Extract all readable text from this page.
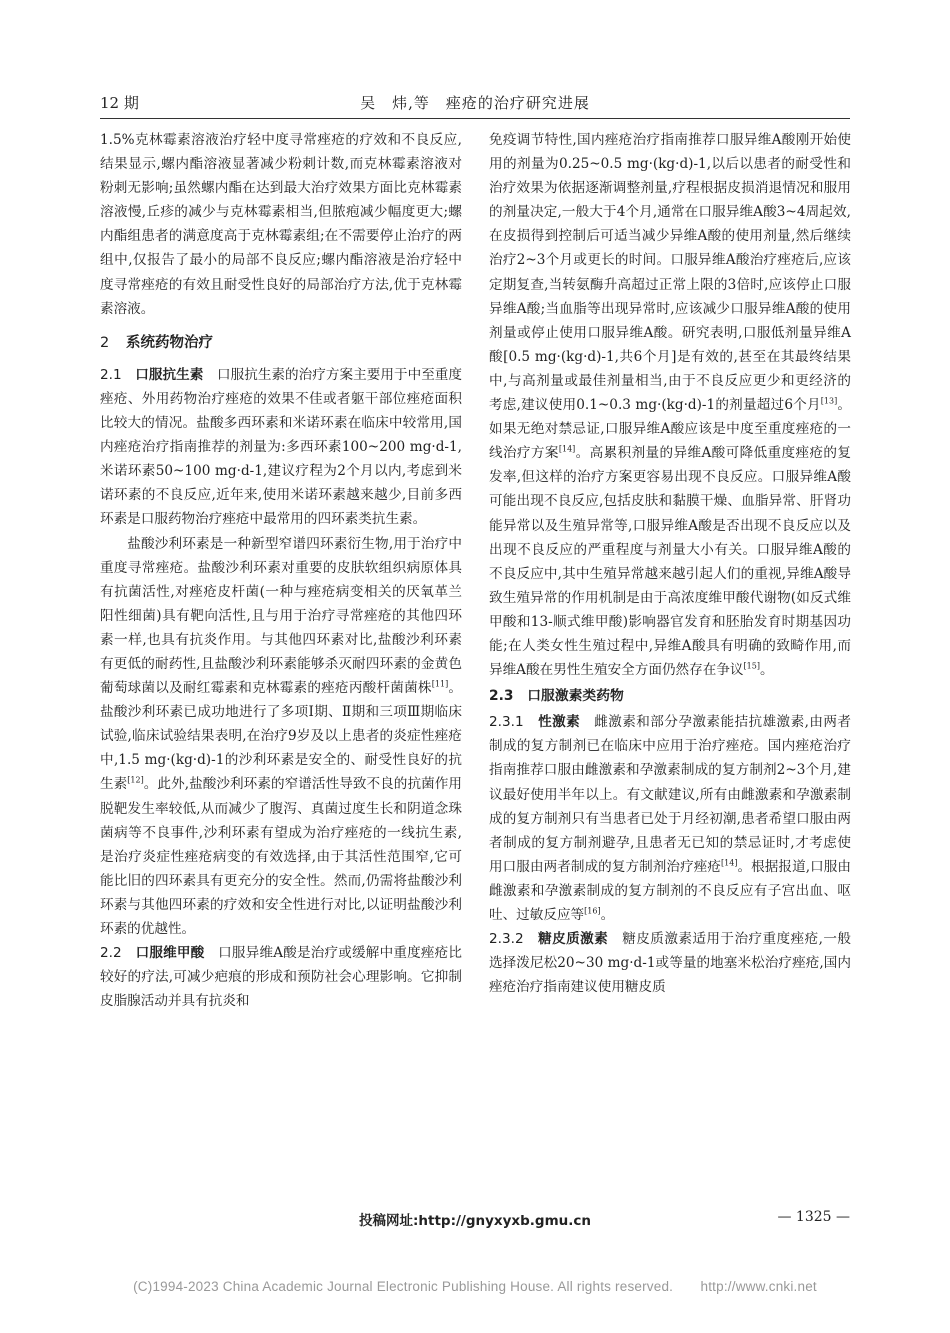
12 期	吴　炜,等　痤疮的治疗研究进展

1.5%克林霉素溶液治疗轻中度寻常痤疮的疗效和不良反应,结果显示,螺内酯溶液显著减少粉刺计数,而克林霉素溶液对粉刺无影响;虽然螺内酯在达到最大治疗效果方面比克林霉素溶液慢,丘疹的减少与克林霉素相当,但脓疱减少幅度更大;螺内酯组患者的满意度高于克林霉素组;在不需要停止治疗的两组中,仅报告了最小的局部不良反应;螺内酯溶液是治疗轻中度寻常痤疮的有效且耐受性良好的局部治疗方法,优于克林霉素溶液。

2 系统药物治疗

2.1　 口服抗生素　 口服抗生素的治疗方案主要用于中至重度痤疮、外用药物治疗痤疮的效果不佳或者躯干部位痤疮面积比较大的情况。盐酸多西环素和米诺环素在临床中较常用,国内痤疮治疗指南推荐的剂量为:多西环素100~200 mg·d-1,米诺环素50~100 mg·d-1,建议疗程为2个月以内,考虑到米诺环素的不良反应,近年来,使用米诺环素越来越少,目前多西环素是口服药物治疗痤疮中最常用的四环素类抗生素。

盐酸沙利环素是一种新型窄谱四环素衍生物,用于治疗中重度寻常痤疮。盐酸沙利环素对重要的皮肤软组织病原体具有抗菌活性,对痤疮皮杆菌(一种与痤疮病变相关的厌氧革兰阳性细菌)具有靶向活性,且与用于治疗寻常痤疮的其他四环素一样,也具有抗炎作用。与其他四环素对比,盐酸沙利环素有更低的耐药性,且盐酸沙利环素能够杀灭耐四环素的金黄色葡萄球菌以及耐红霉素和克林霉素的痤疮丙酸杆菌菌株[11]。盐酸沙利环素已成功地进行了多项Ⅰ期、Ⅱ期和三项Ⅲ期临床试验,临床试验结果表明,在治疗9岁及以上患者的炎症性痤疮中,1.5 mg·(kg·d)-1的沙利环素是安全的、耐受性良好的抗生素[12]。此外,盐酸沙利环素的窄谱活性导致不良的抗菌作用脱靶发生率较低,从而减少了腹泻、真菌过度生长和阴道念珠菌病等不良事件,沙利环素有望成为治疗痤疮的一线抗生素,是治疗炎症性痤疮病变的有效选择,由于其活性范围窄,它可能比旧的四环素具有更充分的安全性。然而,仍需将盐酸沙利环素与其他四环素的疗效和安全性进行对比,以证明盐酸沙利环素的优越性。

2.2　 口服维甲酸　 口服异维A酸是治疗或缓解中重度痤疮比较好的疗法,可减少疤痕的形成和预防社会心理影响。它抑制皮脂腺活动并具有抗炎和

免疫调节特性,国内痤疮治疗指南推荐口服异维A酸刚开始使用的剂量为0.25~0.5 mg·(kg·d)-1,以后以患者的耐受性和治疗效果为依据逐渐调整剂量,疗程根据皮损消退情况和服用的剂量决定,一般大于4个月,通常在口服异维A酸3~4周起效,在皮损得到控制后可适当减少异维A酸的使用剂量,然后继续治疗2~3个月或更长的时间。口服异维A酸治疗痤疮后,应该定期复查,当转氨酶升高超过正常上限的3倍时,应该停止口服异维A酸;当血脂等出现异常时,应该减少口服异维A酸的使用剂量或停止使用口服异维A酸。研究表明,口服低剂量异维A酸[0.5 mg·(kg·d)-1,共6个月]是有效的,甚至在其最终结果中,与高剂量或最佳剂量相当,由于不良反应更少和更经济的考虑,建议使用0.1~0.3 mg·(kg·d)-1的剂量超过6个月[13]。如果无绝对禁忌证,口服异维A酸应该是中度至重度痤疮的一线治疗方案[14]。高累积剂量的异维A酸可降低重度痤疮的复发率,但这样的治疗方案更容易出现不良反应。口服异维A酸可能出现不良反应,包括皮肤和黏膜干燥、血脂异常、肝肾功能异常以及生殖异常等,口服异维A酸是否出现不良反应以及出现不良反应的严重程度与剂量大小有关。口服异维A酸的不良反应中,其中生殖异常越来越引起人们的重视,异维A酸导致生殖异常的作用机制是由于高浓度维甲酸代谢物(如反式维甲酸和13-顺式维甲酸)影响器官发育和胚胎发育时期基因功能;在人类女性生殖过程中,异维A酸具有明确的致畸作用,而异维A酸在男性生殖安全方面仍然存在争议[15]。

2.3　 口服激素类药物

2.3.1　 性激素　 雌激素和部分孕激素能拮抗雄激素,由两者制成的复方制剂已在临床中应用于治疗痤疮。国内痤疮治疗指南推荐口服由雌激素和孕激素制成的复方制剂2~3个月,建议最好使用半年以上。有文献建议,所有由雌激素和孕激素制成的复方制剂只有当患者已处于月经初潮,患者希望口服由两者制成的复方制剂避孕,且患者无已知的禁忌证时,才考虑使用口服由两者制成的复方制剂治疗痤疮[14]。根据报道,口服由雌激素和孕激素制成的复方制剂的不良反应有子宫出血、呕吐、过敏反应等[16]。

2.3.2　 糖皮质激素　 糖皮质激素适用于治疗重度痤疮,一般选择泼尼松20~30 mg·d-1或等量的地塞米松治疗痤疮,国内痤疮治疗指南建议使用糖皮质

投稿网址:http://gnyxyxb.gmu.cn	— 1325 —
(C)1994-2023 China Academic Journal Electronic Publishing House. All rights reserved.　　http://www.cnki.net
